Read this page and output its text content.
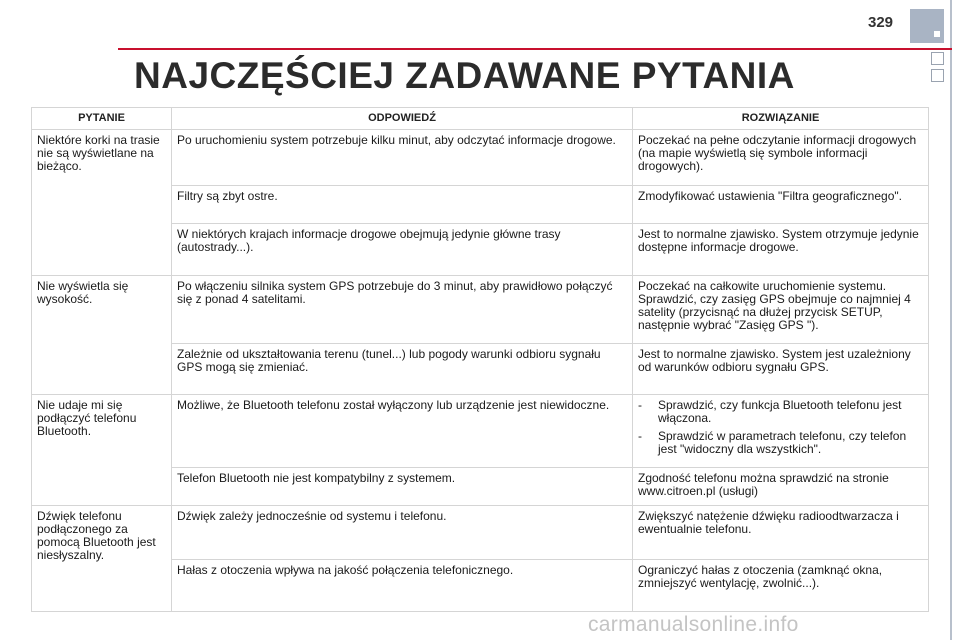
329
NAJCZĘŚCIEJ ZADAWANE PYTANIA
PYTANIE	ODPOWIEDŹ	ROZWIĄZANIE
Niektóre korki na trasie nie są wyświetlane na bieżąco.	Po uruchomieniu system potrzebuje kilku minut, aby odczytać informacje drogowe.	Poczekać na pełne odczytanie informacji drogowych (na mapie wyświetlą się symbole informacji drogowych).
	Filtry są zbyt ostre.	Zmodyfikować ustawienia "Filtra geograficznego".
	W niektórych krajach informacje drogowe obejmują jedynie główne trasy (autostrady...).	Jest to normalne zjawisko. System otrzymuje jedynie dostępne informacje drogowe.
Nie wyświetla się wysokość.	Po włączeniu silnika system GPS potrzebuje do 3 minut, aby prawidłowo połączyć się z ponad 4 satelitami.	Poczekać na całkowite uruchomienie systemu. Sprawdzić, czy zasięg GPS obejmuje co najmniej 4 satelity (przycisnąć na dłużej przycisk SETUP, następnie wybrać "Zasięg GPS ").
	Zależnie od ukształtowania terenu (tunel...) lub pogody warunki odbioru sygnału GPS mogą się zmieniać.	Jest to normalne zjawisko. System jest uzależniony od warunków odbioru sygnału GPS.
Nie udaje mi się podłączyć telefonu Bluetooth.	Możliwe, że Bluetooth telefonu został wyłączony lub urządzenie jest niewidoczne.	- Sprawdzić, czy funkcja Bluetooth telefonu jest włączona.
- Sprawdzić w parametrach telefonu, czy telefon jest "widoczny dla wszystkich".

	Telefon Bluetooth nie jest kompatybilny z systemem.	Zgodność telefonu można sprawdzić na stronie www.citroen.pl (usługi)
Dźwięk telefonu podłączonego za pomocą Bluetooth jest niesłyszalny.	Dźwięk zależy jednocześnie od systemu i telefonu.	Zwiększyć natężenie dźwięku radioodtwarzacza i ewentualnie telefonu.
	Hałas z otoczenia wpływa na jakość połączenia telefonicznego.	Ograniczyć hałas z otoczenia (zamknąć okna, zmniejszyć wentylację, zwolnić...).
carmanualsonline.info
